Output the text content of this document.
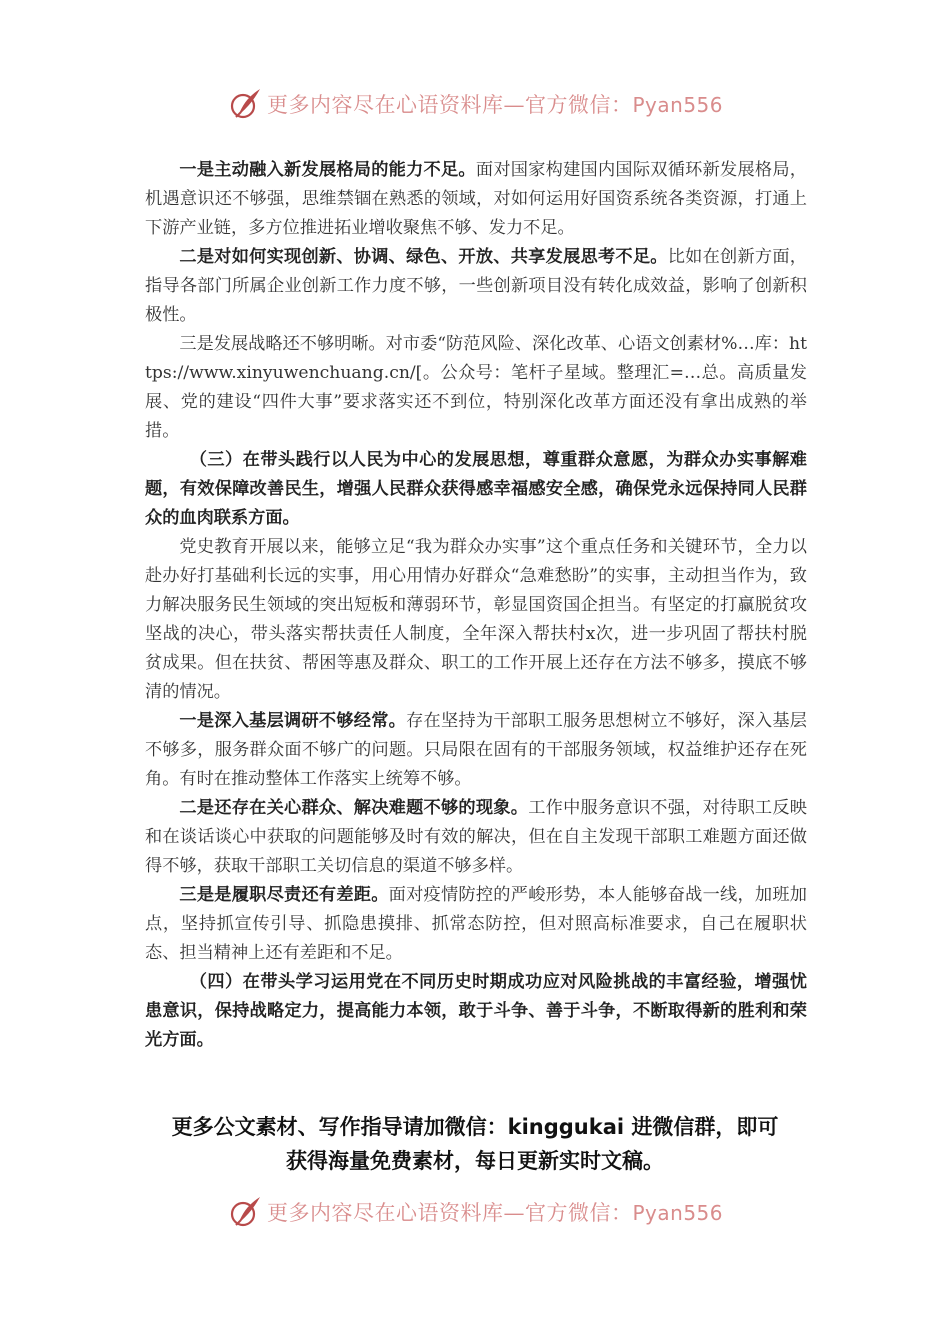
更多内容尽在心语资料库—官方微信：Pyan556

一是主动融入新发展格局的能力不足。面对国家构建国内国际双循环新发展格局，机遇意识还不够强，思维禁锢在熟悉的领域，对如何运用好国资系统各类资源，打通上下游产业链，多方位推进拓业增收聚焦不够、发力不足。

二是对如何实现创新、协调、绿色、开放、共享发展思考不足。比如在创新方面，指导各部门所属企业创新工作力度不够，一些创新项目没有转化成效益，影响了创新积极性。

三是发展战略还不够明晰。对市委“防范风险、深化改革、心语文创素材%…库：https://www.xinyuwenchuang.cn/[。公众号：笔杆子星域。整理汇=…总。高质量发展、党的建设“四件大事”要求落实还不到位，特别深化改革方面还没有拿出成熟的举措。

（三）在带头践行以人民为中心的发展思想，尊重群众意愿，为群众办实事解难题，有效保障改善民生，增强人民群众获得感幸福感安全感，确保党永远保持同人民群众的血肉联系方面。

党史教育开展以来，能够立足“我为群众办实事”这个重点任务和关键环节，全力以赴办好打基础利长远的实事，用心用情办好群众“急难愁盼”的实事，主动担当作为，致力解决服务民生领域的突出短板和薄弱环节，彰显国资国企担当。有坚定的打赢脱贫攻坚战的决心，带头落实帮扶责任人制度，全年深入帮扶村x次，进一步巩固了帮扶村脱贫成果。但在扶贫、帮困等惠及群众、职工的工作开展上还存在方法不够多，摸底不够清的情况。

一是深入基层调研不够经常。存在坚持为干部职工服务思想树立不够好，深入基层不够多，服务群众面不够广的问题。只局限在固有的干部服务领域，权益维护还存在死角。有时在推动整体工作落实上统筹不够。

二是还存在关心群众、解决难题不够的现象。工作中服务意识不强，对待职工反映和在谈话谈心中获取的问题能够及时有效的解决，但在自主发现干部职工难题方面还做得不够，获取干部职工关切信息的渠道不够多样。

三是是履职尽责还有差距。面对疫情防控的严峻形势，本人能够奋战一线，加班加点，坚持抓宣传引导、抓隐患摸排、抓常态防控，但对照高标准要求，自己在履职状态、担当精神上还有差距和不足。

（四）在带头学习运用党在不同历史时期成功应对风险挑战的丰富经验，增强忧患意识，保持战略定力，提高能力本领，敢于斗争、善于斗争，不断取得新的胜利和荣光方面。

更多公文素材、写作指导请加微信：kinggukai 进微信群，即可
获得海量免费素材，每日更新实时文稿。
更多内容尽在心语资料库—官方微信：Pyan556
